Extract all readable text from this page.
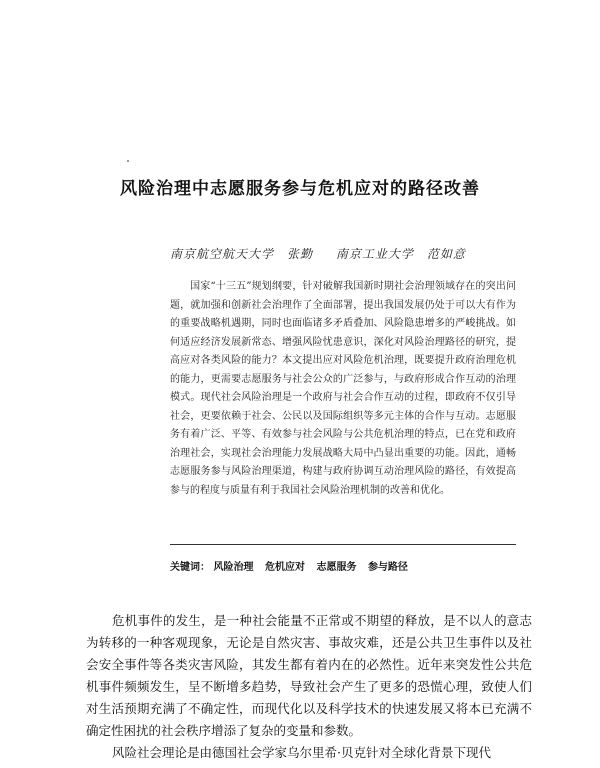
风险治理中志愿服务参与危机应对的路径改善
南京航空航天大学　张勤 南京工业大学　范如意
国家“十三五”规划纲要，针对破解我国新时期社会治理领域存在的突出问题，就加强和创新社会治理作了全面部署，提出我国发展仍处于可以大有作为的重要战略机遇期，同时也面临诸多矛盾叠加、风险隐患增多的严峻挑战。如何适应经济发展新常态、增强风险忧患意识，深化对风险治理路径的研究，提高应对各类风险的能力？本文提出应对风险危机治理，既要提升政府治理危机的能力，更需要志愿服务与社会公众的广泛参与，与政府形成合作互动的治理模式。现代社会风险治理是一个政府与社会合作互动的过程，即政府不仅引导社会，更要依赖于社会、公民以及国际组织等多元主体的合作与互动。志愿服务有着广泛、平等、有效参与社会风险与公共危机治理的特点，已在党和政府治理社会，实现社会治理能力发展战略大局中凸显出重要的功能。因此，通畅志愿服务参与风险治理渠道，构建与政府协调互动治理风险的路径，有效提高参与的程度与质量有利于我国社会风险治理机制的改善和优化。
关键词： 风险治理 危机应对 志愿服务 参与路径

危机事件的发生，是一种社会能量不正常或不期望的释放，是不以人的意志为转移的一种客观现象，无论是自然灾害、事故灾难，还是公共卫生事件以及社会安全事件等各类灾害风险，其发生都有着内在的必然性。近年来突发性公共危机事件频频发生，呈不断增多趋势，导致社会产生了更多的恐慌心理，致使人们对生活预期充满了不确定性，而现代化以及科学技术的快速发展又将本已充满不确定性困扰的社会秩序增添了复杂的变量和参数。

风险社会理论是由德国社会学家乌尔里希·贝克针对全球化背景下现代
